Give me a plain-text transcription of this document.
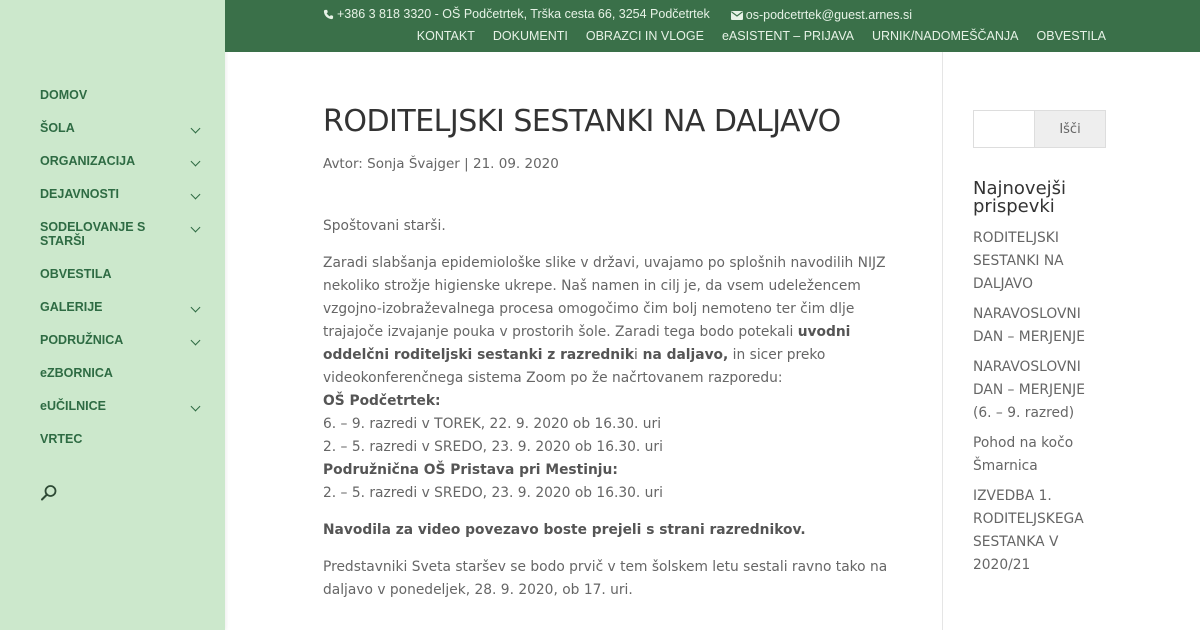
DOMOV
ŠOLA
ORGANIZACIJA
DEJAVNOSTI
SODELOVANJE S STARŠI
OBVESTILA
GALERIJE
PODRUŽNICA
eZBORNICA
eUČILNICE
VRTEC
+386 3 818 3320 - OŠ Podčetrtek, Trška cesta 66, 3254 Podčetrtek
	os-podcetrtek@guest.arnes.si
KONTAKT DOKUMENTI OBRAZCI IN VLOGE eASISTENT – PRIJAVA URNIK/NADOMEŠČANJA OBVESTILA
RODITELJSKI SESTANKI NA DALJAVO
Avtor: Sonja Švajger | 21. 09. 2020

Spoštovani starši.

Zaradi slabšanja epidemiološke slike v državi, uvajamo po splošnih navodilih NIJZ nekoliko strožje higienske ukrepe. Naš namen in cilj je, da vsem udeležencem vzgojno-izobraževalnega procesa omogočimo čim bolj nemoteno ter čim dlje trajajoče izvajanje pouka v prostorih šole. Zaradi tega bodo potekali uvodni oddelčni roditeljski sestanki z razredniki na daljavo, in sicer preko videokonferenčnega sistema Zoom po že načrtovanem razporedu:
OŠ Podčetrtek:
6. – 9. razredi v TOREK, 22. 9. 2020 ob 16.30. uri
2. – 5. razredi v SREDO, 23. 9. 2020 ob 16.30. uri
Podružnična OŠ Pristava pri Mestinju:
2. – 5. razredi v SREDO, 23. 9. 2020 ob 16.30. uri

Navodila za video povezavo boste prejeli s strani razrednikov.

Predstavniki Sveta staršev se bodo prvič v tem šolskem letu sestali ravno tako na daljavo v ponedeljek, 28. 9. 2020, ob 17. uri.

Išči
Najnovejši prispevki
RODITELJSKI SESTANKI NA DALJAVO
NARAVOSLOVNI DAN – MERJENJE
NARAVOSLOVNI DAN – MERJENJE (6. – 9. razred)
Pohod na kočo Šmarnica
IZVEDBA 1. RODITELJSKEGA SESTANKA V 2020/21
